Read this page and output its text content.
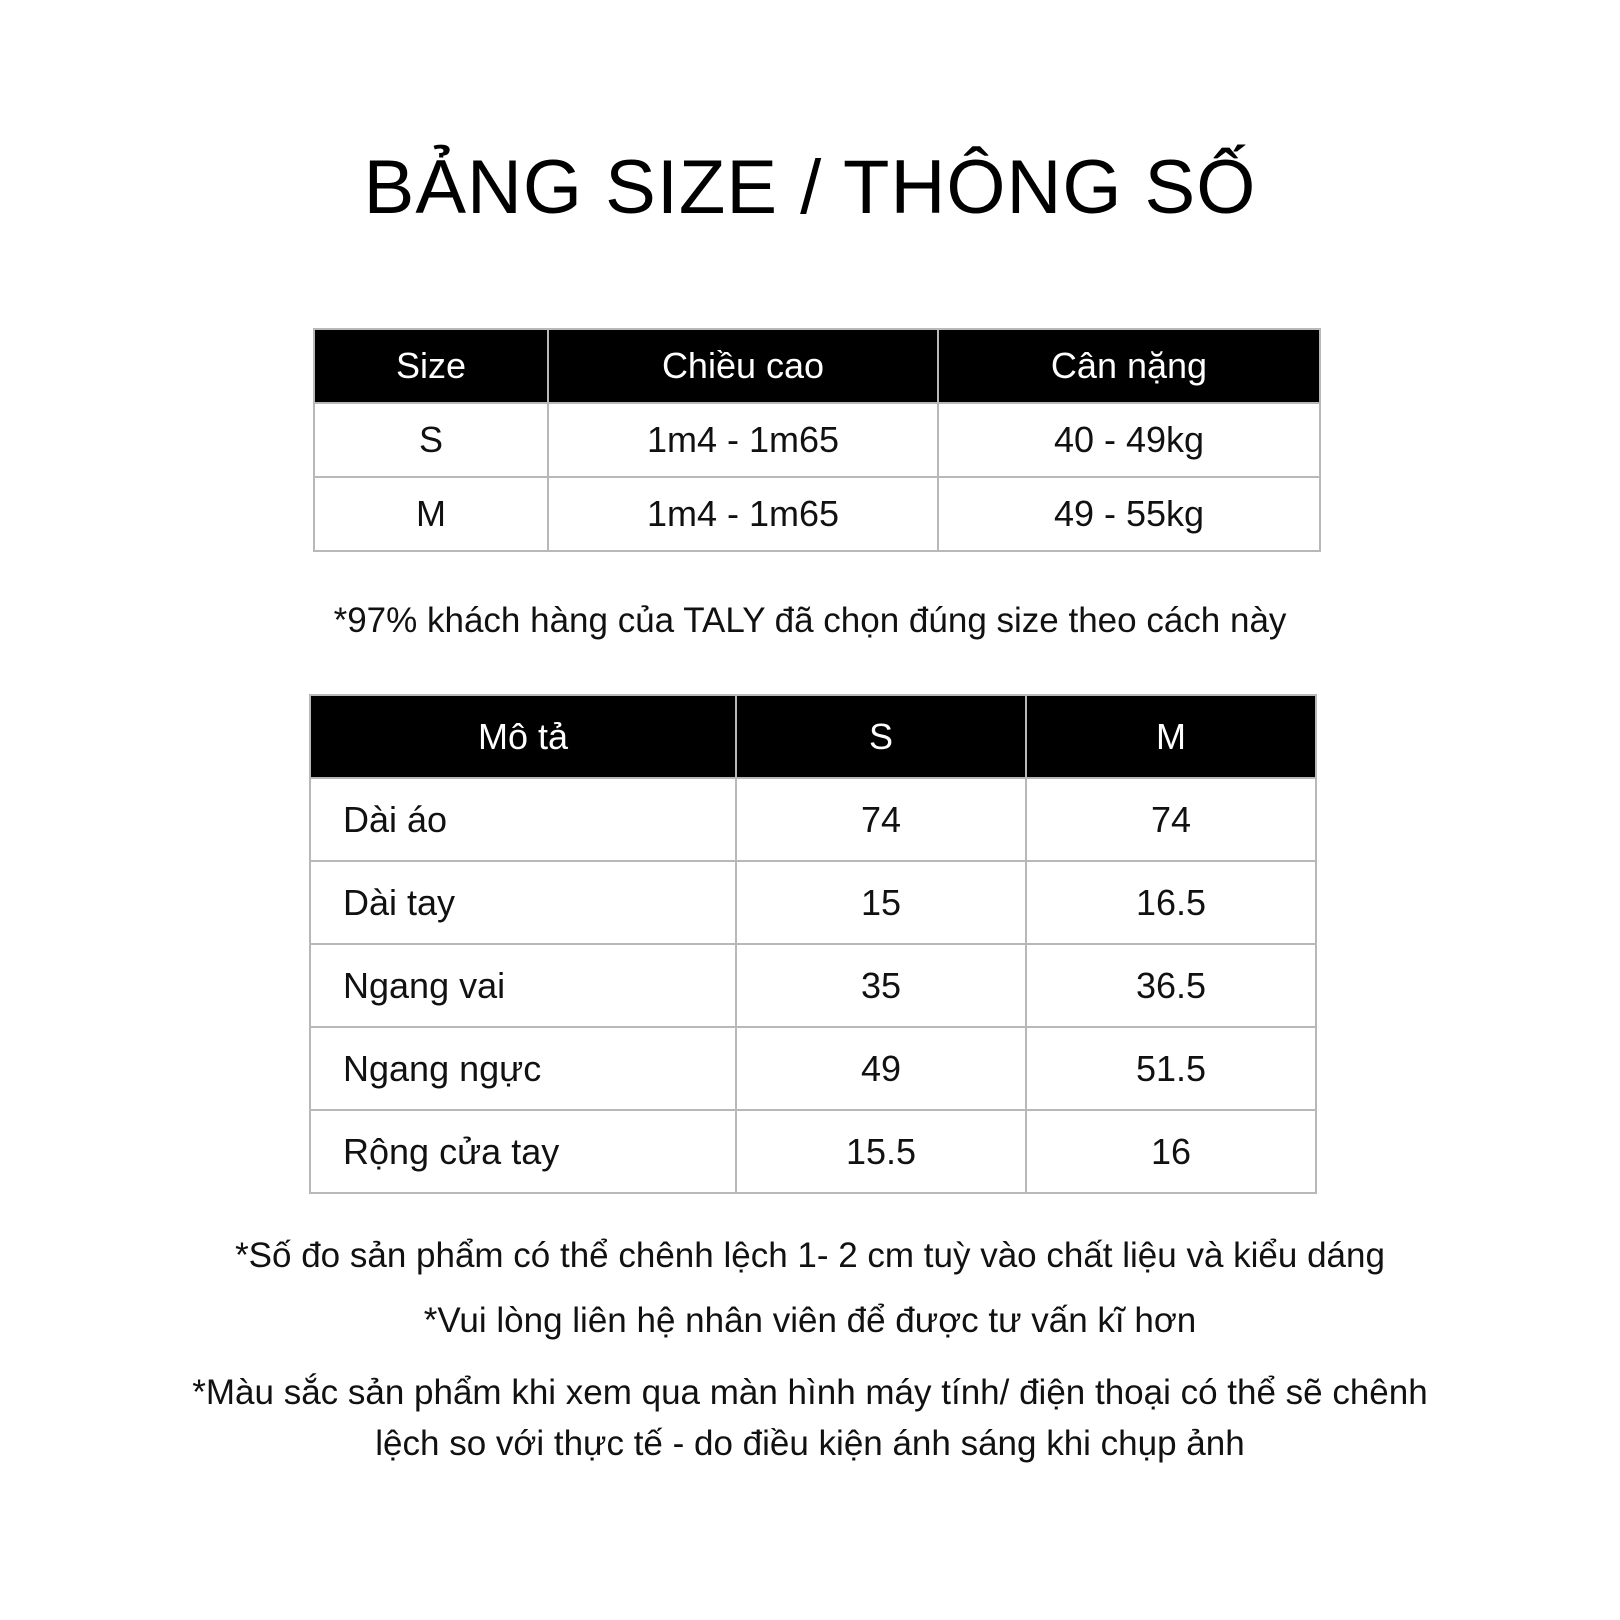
BẢNG SIZE / THÔNG SỐ
Size	Chiều cao	Cân nặng
S	1m4 - 1m65	40 - 49kg
M	1m4 - 1m65	49 - 55kg
*97% khách hàng của TALY đã chọn đúng size theo cách này
Mô tả	S	M
Dài áo	74	74
Dài tay	15	16.5
Ngang vai	35	36.5
Ngang ngực	49	51.5
Rộng cửa tay	15.5	16
*Số đo sản phẩm có thể chênh lệch 1- 2 cm tuỳ vào chất liệu và kiểu dáng
*Vui lòng liên hệ nhân viên để được tư vấn kĩ hơn
*Màu sắc sản phẩm khi xem qua màn hình máy tính/ điện thoại có thể sẽ chênh lệch so với thực tế - do điều kiện ánh sáng khi chụp ảnh
